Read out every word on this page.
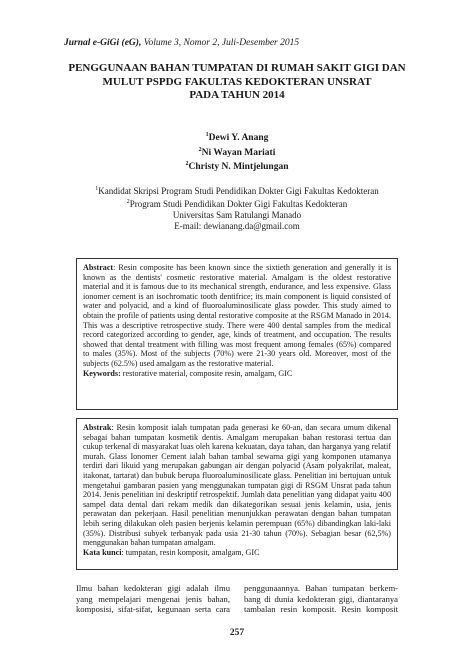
Jurnal e-GiGi (eG), Volume 3, Nomor 2, Juli-Desember 2015
PENGGUNAAN BAHAN TUMPATAN DI RUMAH SAKIT GIGI DAN
MULUT PSPDG FAKULTAS KEDOKTERAN UNSRAT
PADA TAHUN 2014
$^1$Dewi Y. Anang
$^2$Ni Wayan Mariati
$^2$Christy N. Mintjelungan
$^1$Kandidat Skripsi Program Studi Pendidikan Dokter Gigi Fakultas Kedokteran
$^2$Program Studi Pendidikan Dokter Gigi Fakultas Kedokteran
Universitas Sam Ratulangi Manado
E-mail: dewianang.da@gmail.com
Abstract: Resin composite has been known since the sixtieth generation and generally it is
known as the dentists' cosmetic restorative material. Amalgam is the oldest restorative
material and it is famous due to its mechanical strength, endurance, and less expensive. Glass
ionomer cement is an isochromatic tooth dentifrice; its main component is liquid consisted of
water and polyacid, and a kind of fluoroaluminosilicate glass powder. This study aimed to
obtain the profile of patients using dental restorative composite at the RSGM Manado in 2014.
This was a descriptive retrospective study. There were 400 dental samples from the medical
record categorized according to gender, age, kinds of treatment, and occupation. The results
showed that dental treatment with filling was most frequent among females (65%) compared
to males (35%). Most of the subjects (70%) were 21-30 years old. Moreover, most of the
subjects (62.5%) used amalgam as the restorative material.
Keywords: restorative material, composite resin, amalgam, GIC
Abstrak: Resin komposit ialah tumpatan pada generasi ke 60-an, dan secara umum dikenal
sebagai bahan tumpatan kosmetik dentis. Amalgam merupakan bahan restorasi tertua dan
cukup terkenal di masyarakat luas oleh karena kekuatan, daya tahan, dan harganya yang relatif
murah. Glass Ionomer Cement ialah bahan tambal sewarna gigi yang komponen utamanya
terdiri dari likuid yang merupakan gabungan air dengan polyacid (Asam polyakrilat, maleat,
itakonat, tartarat) dan bubuk berupa fluoroaluminosilicate glass. Penelitian ini bertujuan untuk
mengetahui gambaran pasien yang menggunakan tumpatan gigi di RSGM Unsrat pada tahun
2014. Jenis penelitian ini deskriptif retrospektif. Jumlah data penelitian yang didapat yaitu 400
sampel data dental dari rekam medik dan dikategorikan sesuai jenis kelamin, usia, jenis
perawatan dan pekerjaan. Hasil penelitian menunjukkan perawatan dengan bahan tumpatan
lebih sering dilakukan oleh pasien berjenis kelamin perempuan (65%) dibandingkan laki-laki
(35%). Distribusi subyek terbanyak pada usia 21-30 tahun (70%). Sebagian besar (62,5%)
menggunakan bahan tumpatan amalgam.
Kata kunci: tumpatan, resin komposit, amalgam, GIC
Ilmu bahan kedokteran gigi adalah ilmu
yang mempelajari mengenai jenis bahan,
komposisi, sifat-sifat, kegunaan serta cara
penggunaannya. Bahan tumpatan berkem-
bang di dunia kedokteran gigi, diantaranya
tambalan resin komposit. Resin komposit
257
